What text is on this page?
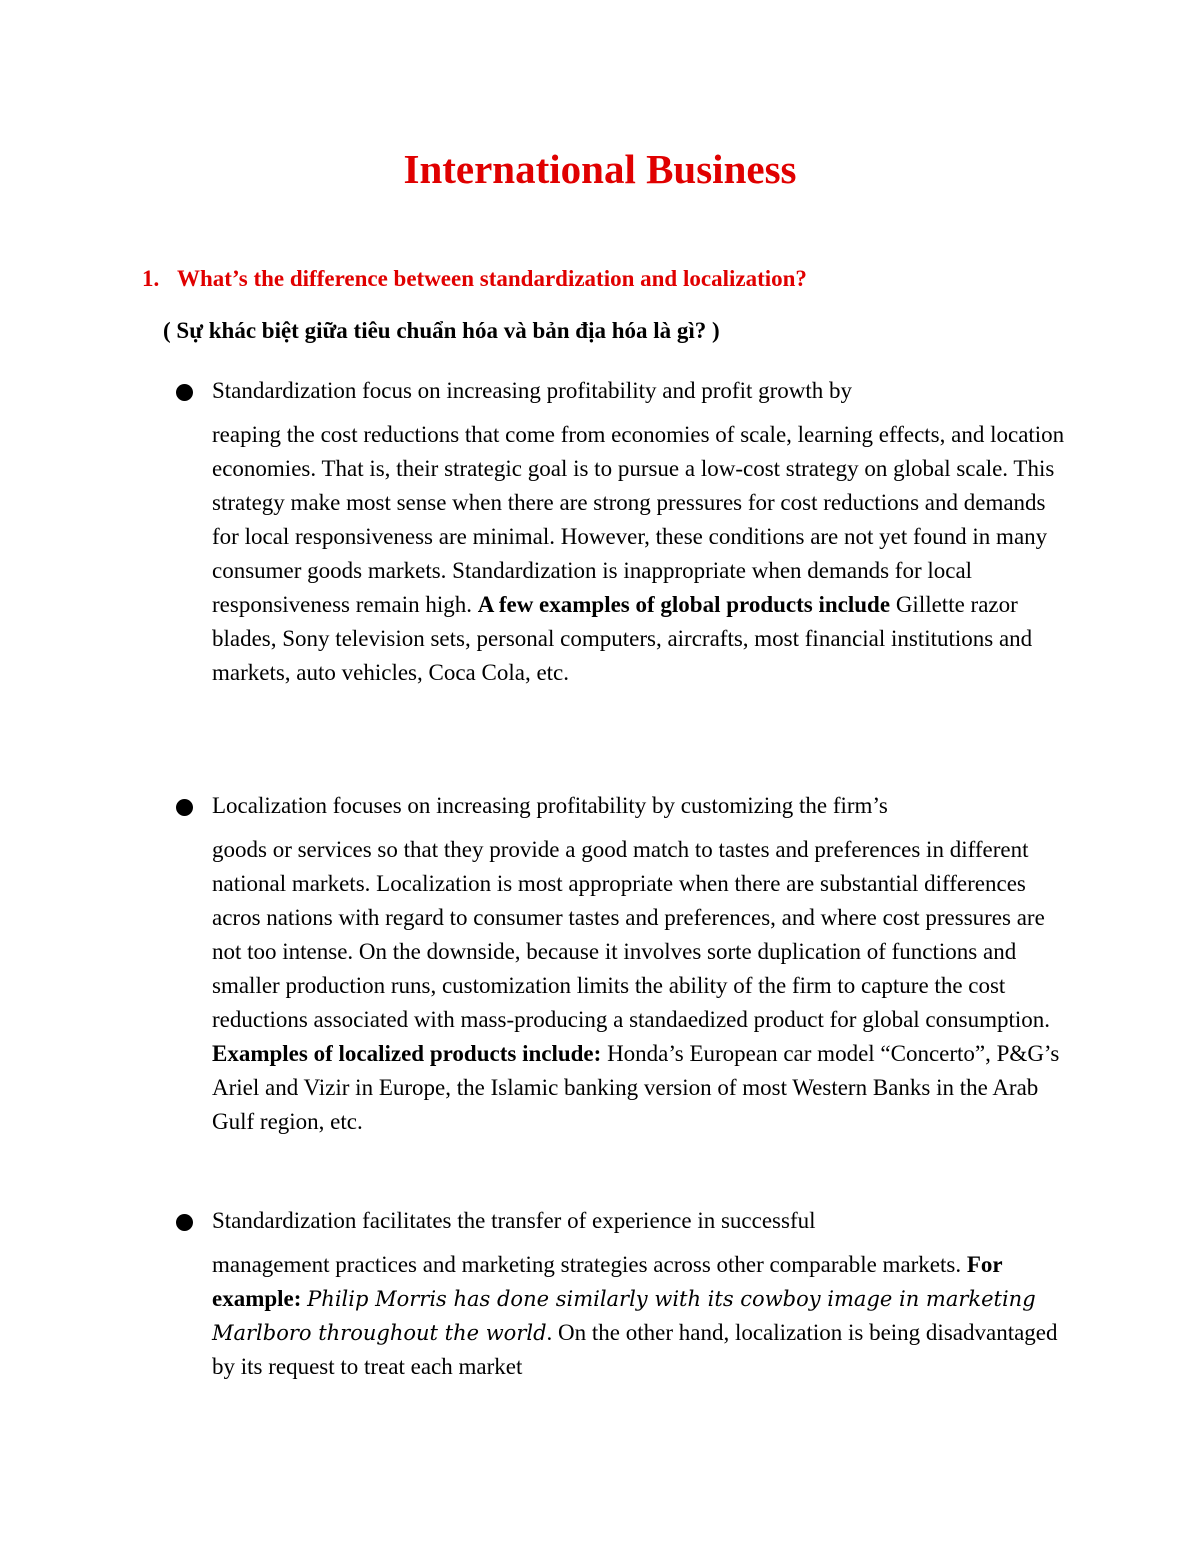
International Business
1. What’s the difference between standardization and localization?
( Sự khác biệt giữa tiêu chuẩn hóa và bản địa hóa là gì? )
Standardization focus on increasing profitability and profit growth by
reaping the cost reductions that come from economies of scale, learning effects, and location economies. That is, their strategic goal is to pursue a low-cost strategy on global scale. This strategy make most sense when there are strong pressures for cost reductions and demands for local responsiveness are minimal. However, these conditions are not yet found in many consumer goods markets. Standardization is inappropriate when demands for local responsiveness remain high. A few examples of global products include Gillette razor blades, Sony television sets, personal computers, aircrafts, most financial institutions and markets, auto vehicles, Coca Cola, etc.
Localization focuses on increasing profitability by customizing the firm’s
goods or services so that they provide a good match to tastes and preferences in different national markets. Localization is most appropriate when there are substantial differences acros nations with regard to consumer tastes and preferences, and where cost pressures are not too intense. On the downside, because it involves sorte duplication of functions and smaller production runs, customization limits the ability of the firm to capture the cost reductions associated with mass-producing a standaedized product for global consumption. Examples of localized products include: Honda’s European car model “Concerto”, P&G’s Ariel and Vizir in Europe, the Islamic banking version of most Western Banks in the Arab Gulf region, etc.
Standardization facilitates the transfer of experience in successful
management practices and marketing strategies across other comparable markets. For example: Philip Morris has done similarly with its cowboy image in marketing Marlboro throughout the world. On the other hand, localization is being disadvantaged by its request to treat each market
